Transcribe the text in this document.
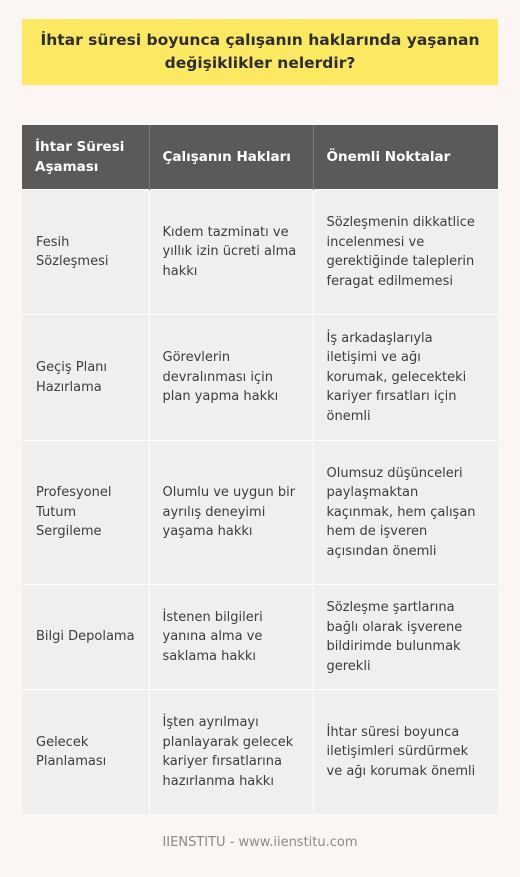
İhtar süresi boyunca çalışanın haklarında yaşanan değişiklikler nelerdir?
İhtar Süresi Aşaması	Çalışanın Hakları	Önemli Noktalar
Fesih Sözleşmesi	Kıdem tazminatı ve yıllık izin ücreti alma hakkı	Sözleşmenin dikkatlice incelenmesi ve gerektiğinde taleplerin feragat edilmemesi
Geçiş Planı Hazırlama	Görevlerin devralınması için plan yapma hakkı	İş arkadaşlarıyla iletişimi ve ağı korumak, gelecekteki kariyer fırsatları için önemli
Profesyonel Tutum Sergileme	Olumlu ve uygun bir ayrılış deneyimi yaşama hakkı	Olumsuz düşünceleri paylaşmaktan kaçınmak, hem çalışan hem de işveren açısından önemli
Bilgi Depolama	İstenen bilgileri yanına alma ve saklama hakkı	Sözleşme şartlarına bağlı olarak işverene bildirimde bulunmak gerekli
Gelecek Planlaması	İşten ayrılmayı planlayarak gelecek kariyer fırsatlarına hazırlanma hakkı	İhtar süresi boyunca iletişimleri sürdürmek ve ağı korumak önemli
IIENSTITU - www.iienstitu.com
